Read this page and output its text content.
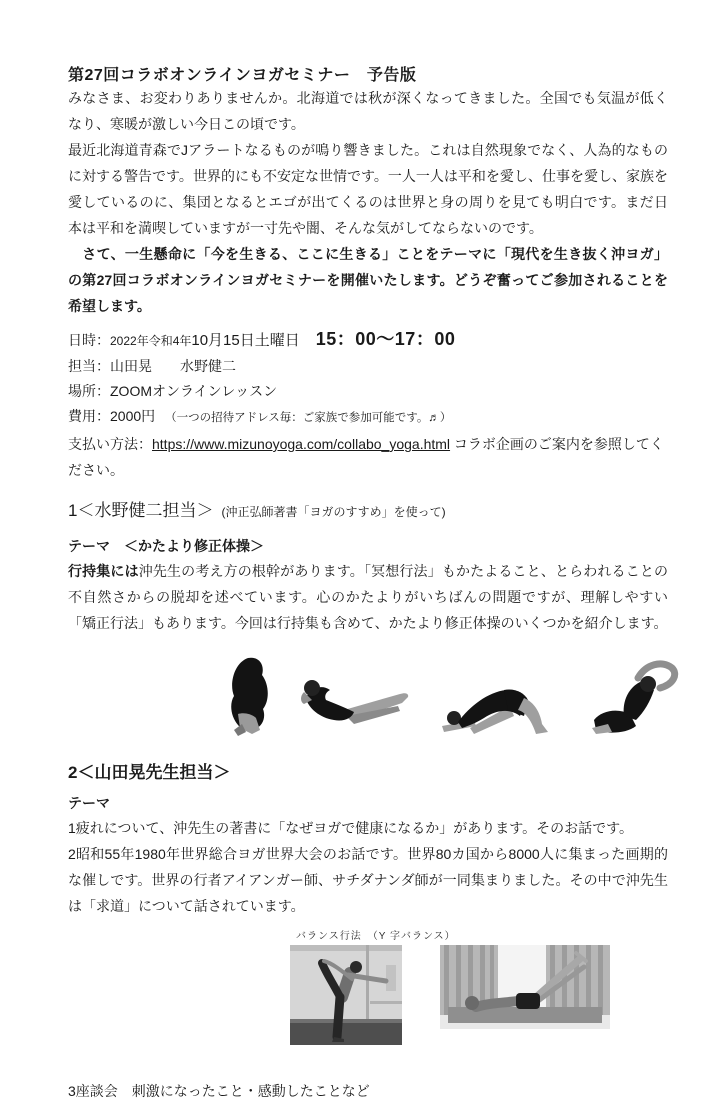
第27回コラボオンラインヨガセミナー　予告版

みなさま、お変わりありませんか。北海道では秋が深くなってきました。全国でも気温が低くなり、寒暖が激しい今日この頃です。

最近北海道青森でJアラートなるものが鳴り響きました。これは自然現象でなく、人為的なものに対する警告です。世界的にも不安定な世情です。一人一人は平和を愛し、仕事を愛し、家族を愛しているのに、集団となるとエゴが出てくるのは世界と身の周りを見ても明白です。まだ日本は平和を満喫していますが一寸先や闇、そんな気がしてならないのです。

　さて、一生懸命に「今を生きる、ここに生きる」ことをテーマに「現代を生き抜く沖ヨガ」の第27回コラボオンラインヨガセミナーを開催いたします。どうぞ奮ってご参加されることを希望します。

日時：2022年令和4年10月15日土曜日 15：00～17：00
担当：山田晃　　水野健二
場所：ZOOMオンラインレッスン
費用：2000円 （一つの招待アドレス毎：ご家族で参加可能です。♬）
支払い方法：https://www.mizunoyoga.com/collabo_yoga.html コラボ企画のご案内を参照してください。
1＜水野健二担当＞ (沖正弘師著書「ヨガのすすめ」を使って)
テーマ　＜かたより修正体操＞

行持集には沖先生の考え方の根幹があります。「冥想行法」もかたよること、とらわれることの不自然さからの脱却を述べています。心のかたよりがいちばんの問題ですが、理解しやすい「矯正行法」もあります。今回は行持集も含めて、かたより修正体操のいくつかを紹介します。

2＜山田晃先生担当＞
テーマ

1疲れについて、沖先生の著書に「なぜヨガで健康になるか」があります。そのお話です。

2昭和55年1980年世界総合ヨガ世界大会のお話です。世界80カ国から8000人に集まった画期的な催しです。世界の行者アイアンガー師、サチダナンダ師が一同集まりました。その中で沖先生は「求道」について話されています。

バランス行法　（Y 字バランス）
3座談会　刺激になったこと・感動したことなど
